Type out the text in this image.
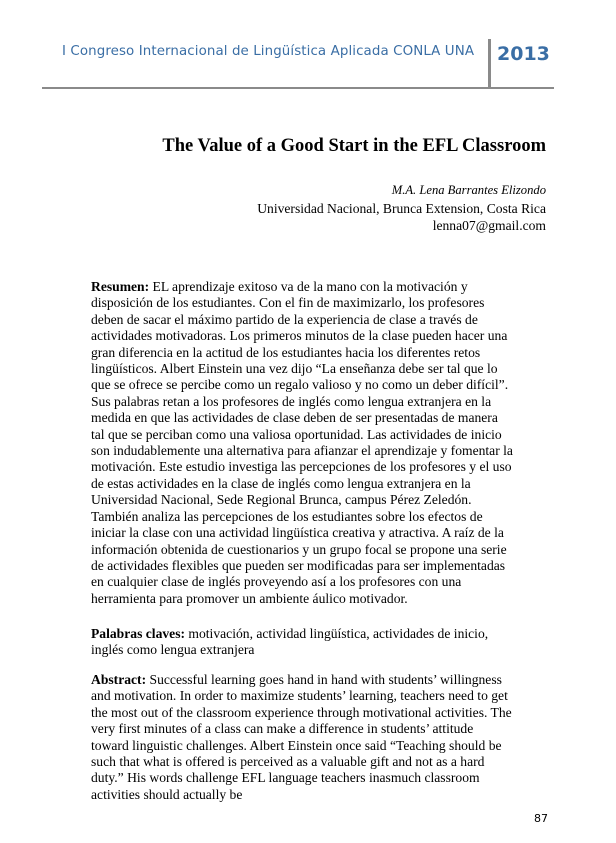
I Congreso Internacional de Lingüística Aplicada CONLA UNA 2013
The Value of a Good Start in the EFL Classroom
M.A. Lena Barrantes Elizondo
Universidad Nacional, Brunca Extension, Costa Rica
lenna07@gmail.com
Resumen: EL aprendizaje exitoso va de la mano con la motivación y disposición de los estudiantes. Con el fin de maximizarlo, los profesores deben de sacar el máximo partido de la experiencia de clase a través de actividades motivadoras. Los primeros minutos de la clase pueden hacer una gran diferencia en la actitud de los estudiantes hacia los diferentes retos lingüísticos. Albert Einstein una vez dijo “La enseñanza debe ser tal que lo que se ofrece se percibe como un regalo valioso y no como un deber difícil”. Sus palabras retan a los profesores de inglés como lengua extranjera en la medida en que las actividades de clase deben de ser presentadas de manera tal que se perciban como una valiosa oportunidad. Las actividades de inicio son indudablemente una alternativa para afianzar el aprendizaje y fomentar la motivación. Este estudio investiga las percepciones de los profesores y el uso de estas actividades en la clase de inglés como lengua extranjera en la Universidad Nacional, Sede Regional Brunca, campus Pérez Zeledón. También analiza las percepciones de los estudiantes sobre los efectos de iniciar la clase con una actividad lingüística creativa y atractiva. A raíz de la información obtenida de cuestionarios y un grupo focal se propone una serie de actividades flexibles que pueden ser modificadas para ser implementadas en cualquier clase de inglés proveyendo así a los profesores con una herramienta para promover un ambiente áulico motivador.
Palabras claves: motivación, actividad lingüística, actividades de inicio, inglés como lengua extranjera
Abstract: Successful learning goes hand in hand with students’ willingness and motivation. In order to maximize students’ learning, teachers need to get the most out of the classroom experience through motivational activities. The very first minutes of a class can make a difference in students’ attitude toward linguistic challenges. Albert Einstein once said “Teaching should be such that what is offered is perceived as a valuable gift and not as a hard duty.” His words challenge EFL language teachers inasmuch classroom activities should actually be
87
